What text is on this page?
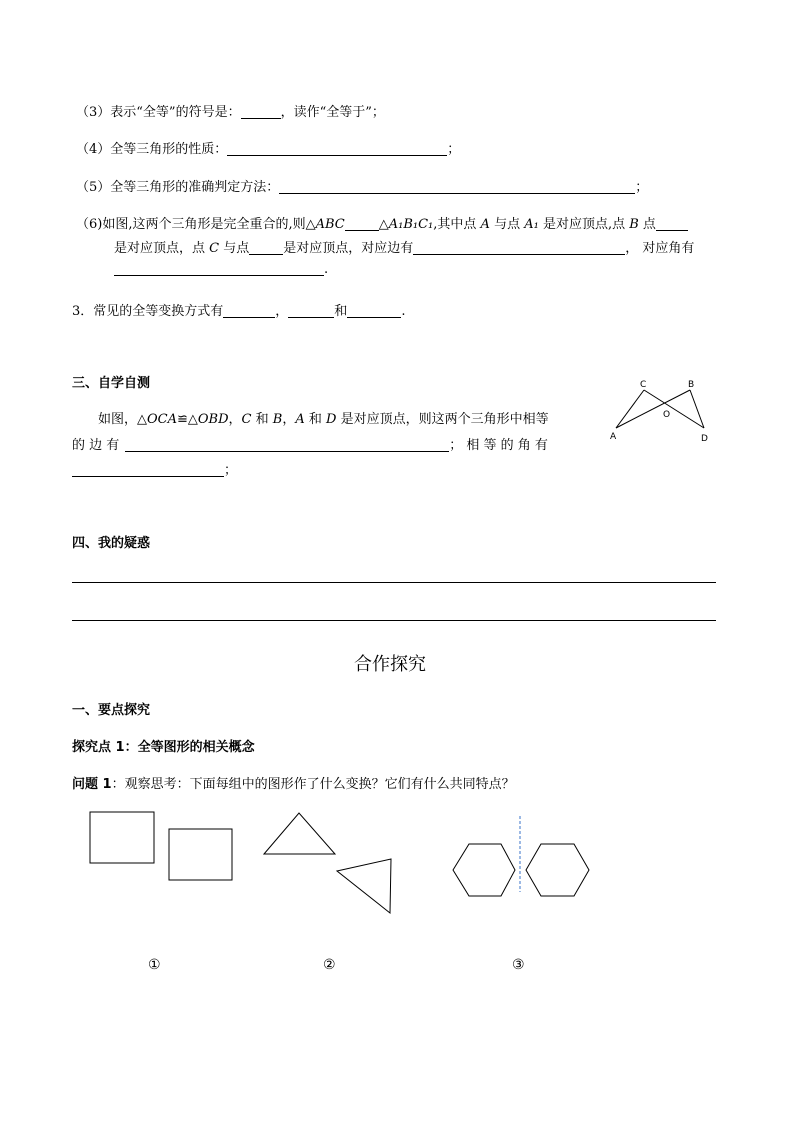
（3）表示“全等”的符号是：	，读作“全等于”；
（4）全等三角形的性质：	；
（5）全等三角形的准确判定方法：	；
（6)如图,这两个三角形是完全重合的,则△ABC	△A₁B₁C₁,其中点 A 与点 A₁ 是对应顶点,点 B 点
是对应顶点，点 C 与点	是对应顶点，对应边有	， 对应角有
.
3．常见的全等变换方式有	，	和	.
三、自学自测
如图，△OCA≌△OBD，C 和 B，A 和 D 是对应顶点，则这两个三角形中相等
的 边 有	； 相 等 的 角 有
；
C	B
O
A	D
四、我的疑惑
合作探究
一、要点探究
探究点 1：全等图形的相关概念
问题 1：观察思考：下面每组中的图形作了什么变换？它们有什么共同特点？
①	②	③
